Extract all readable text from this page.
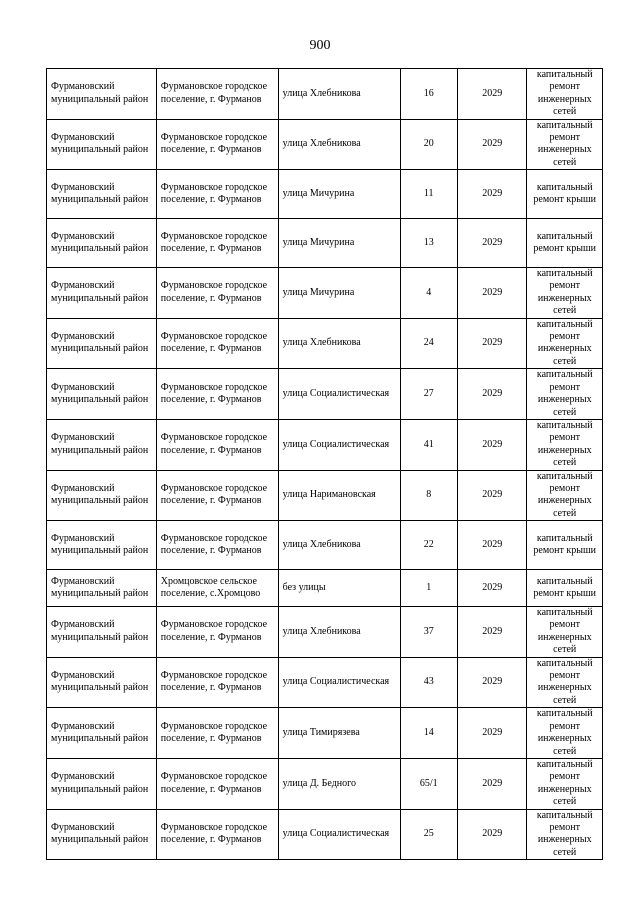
900
Фурмановский муниципальный район	Фурмановское городское поселение, г. Фурманов	улица Хлебникова	16	2029	капитальный ремонт инженерных сетей
Фурмановский муниципальный район	Фурмановское городское поселение, г. Фурманов	улица Хлебникова	20	2029	капитальный ремонт инженерных сетей
Фурмановский муниципальный район	Фурмановское городское поселение, г. Фурманов	улица Мичурина	11	2029	капитальный ремонт крыши
Фурмановский муниципальный район	Фурмановское городское поселение, г. Фурманов	улица Мичурина	13	2029	капитальный ремонт крыши
Фурмановский муниципальный район	Фурмановское городское поселение, г. Фурманов	улица Мичурина	4	2029	капитальный ремонт инженерных сетей
Фурмановский муниципальный район	Фурмановское городское поселение, г. Фурманов	улица Хлебникова	24	2029	капитальный ремонт инженерных сетей
Фурмановский муниципальный район	Фурмановское городское поселение, г. Фурманов	улица Социалистическая	27	2029	капитальный ремонт инженерных сетей
Фурмановский муниципальный район	Фурмановское городское поселение, г. Фурманов	улица Социалистическая	41	2029	капитальный ремонт инженерных сетей
Фурмановский муниципальный район	Фурмановское городское поселение, г. Фурманов	улица Наримановская	8	2029	капитальный ремонт инженерных сетей
Фурмановский муниципальный район	Фурмановское городское поселение, г. Фурманов	улица Хлебникова	22	2029	капитальный ремонт крыши
Фурмановский муниципальный район	Хромцовское сельское поселение, с.Хромцово	без улицы	1	2029	капитальный ремонт крыши
Фурмановский муниципальный район	Фурмановское городское поселение, г. Фурманов	улица Хлебникова	37	2029	капитальный ремонт инженерных сетей
Фурмановский муниципальный район	Фурмановское городское поселение, г. Фурманов	улица Социалистическая	43	2029	капитальный ремонт инженерных сетей
Фурмановский муниципальный район	Фурмановское городское поселение, г. Фурманов	улица Тимирязева	14	2029	капитальный ремонт инженерных сетей
Фурмановский муниципальный район	Фурмановское городское поселение, г. Фурманов	улица Д. Бедного	65/1	2029	капитальный ремонт инженерных сетей
Фурмановский муниципальный район	Фурмановское городское поселение, г. Фурманов	улица Социалистическая	25	2029	капитальный ремонт инженерных сетей
